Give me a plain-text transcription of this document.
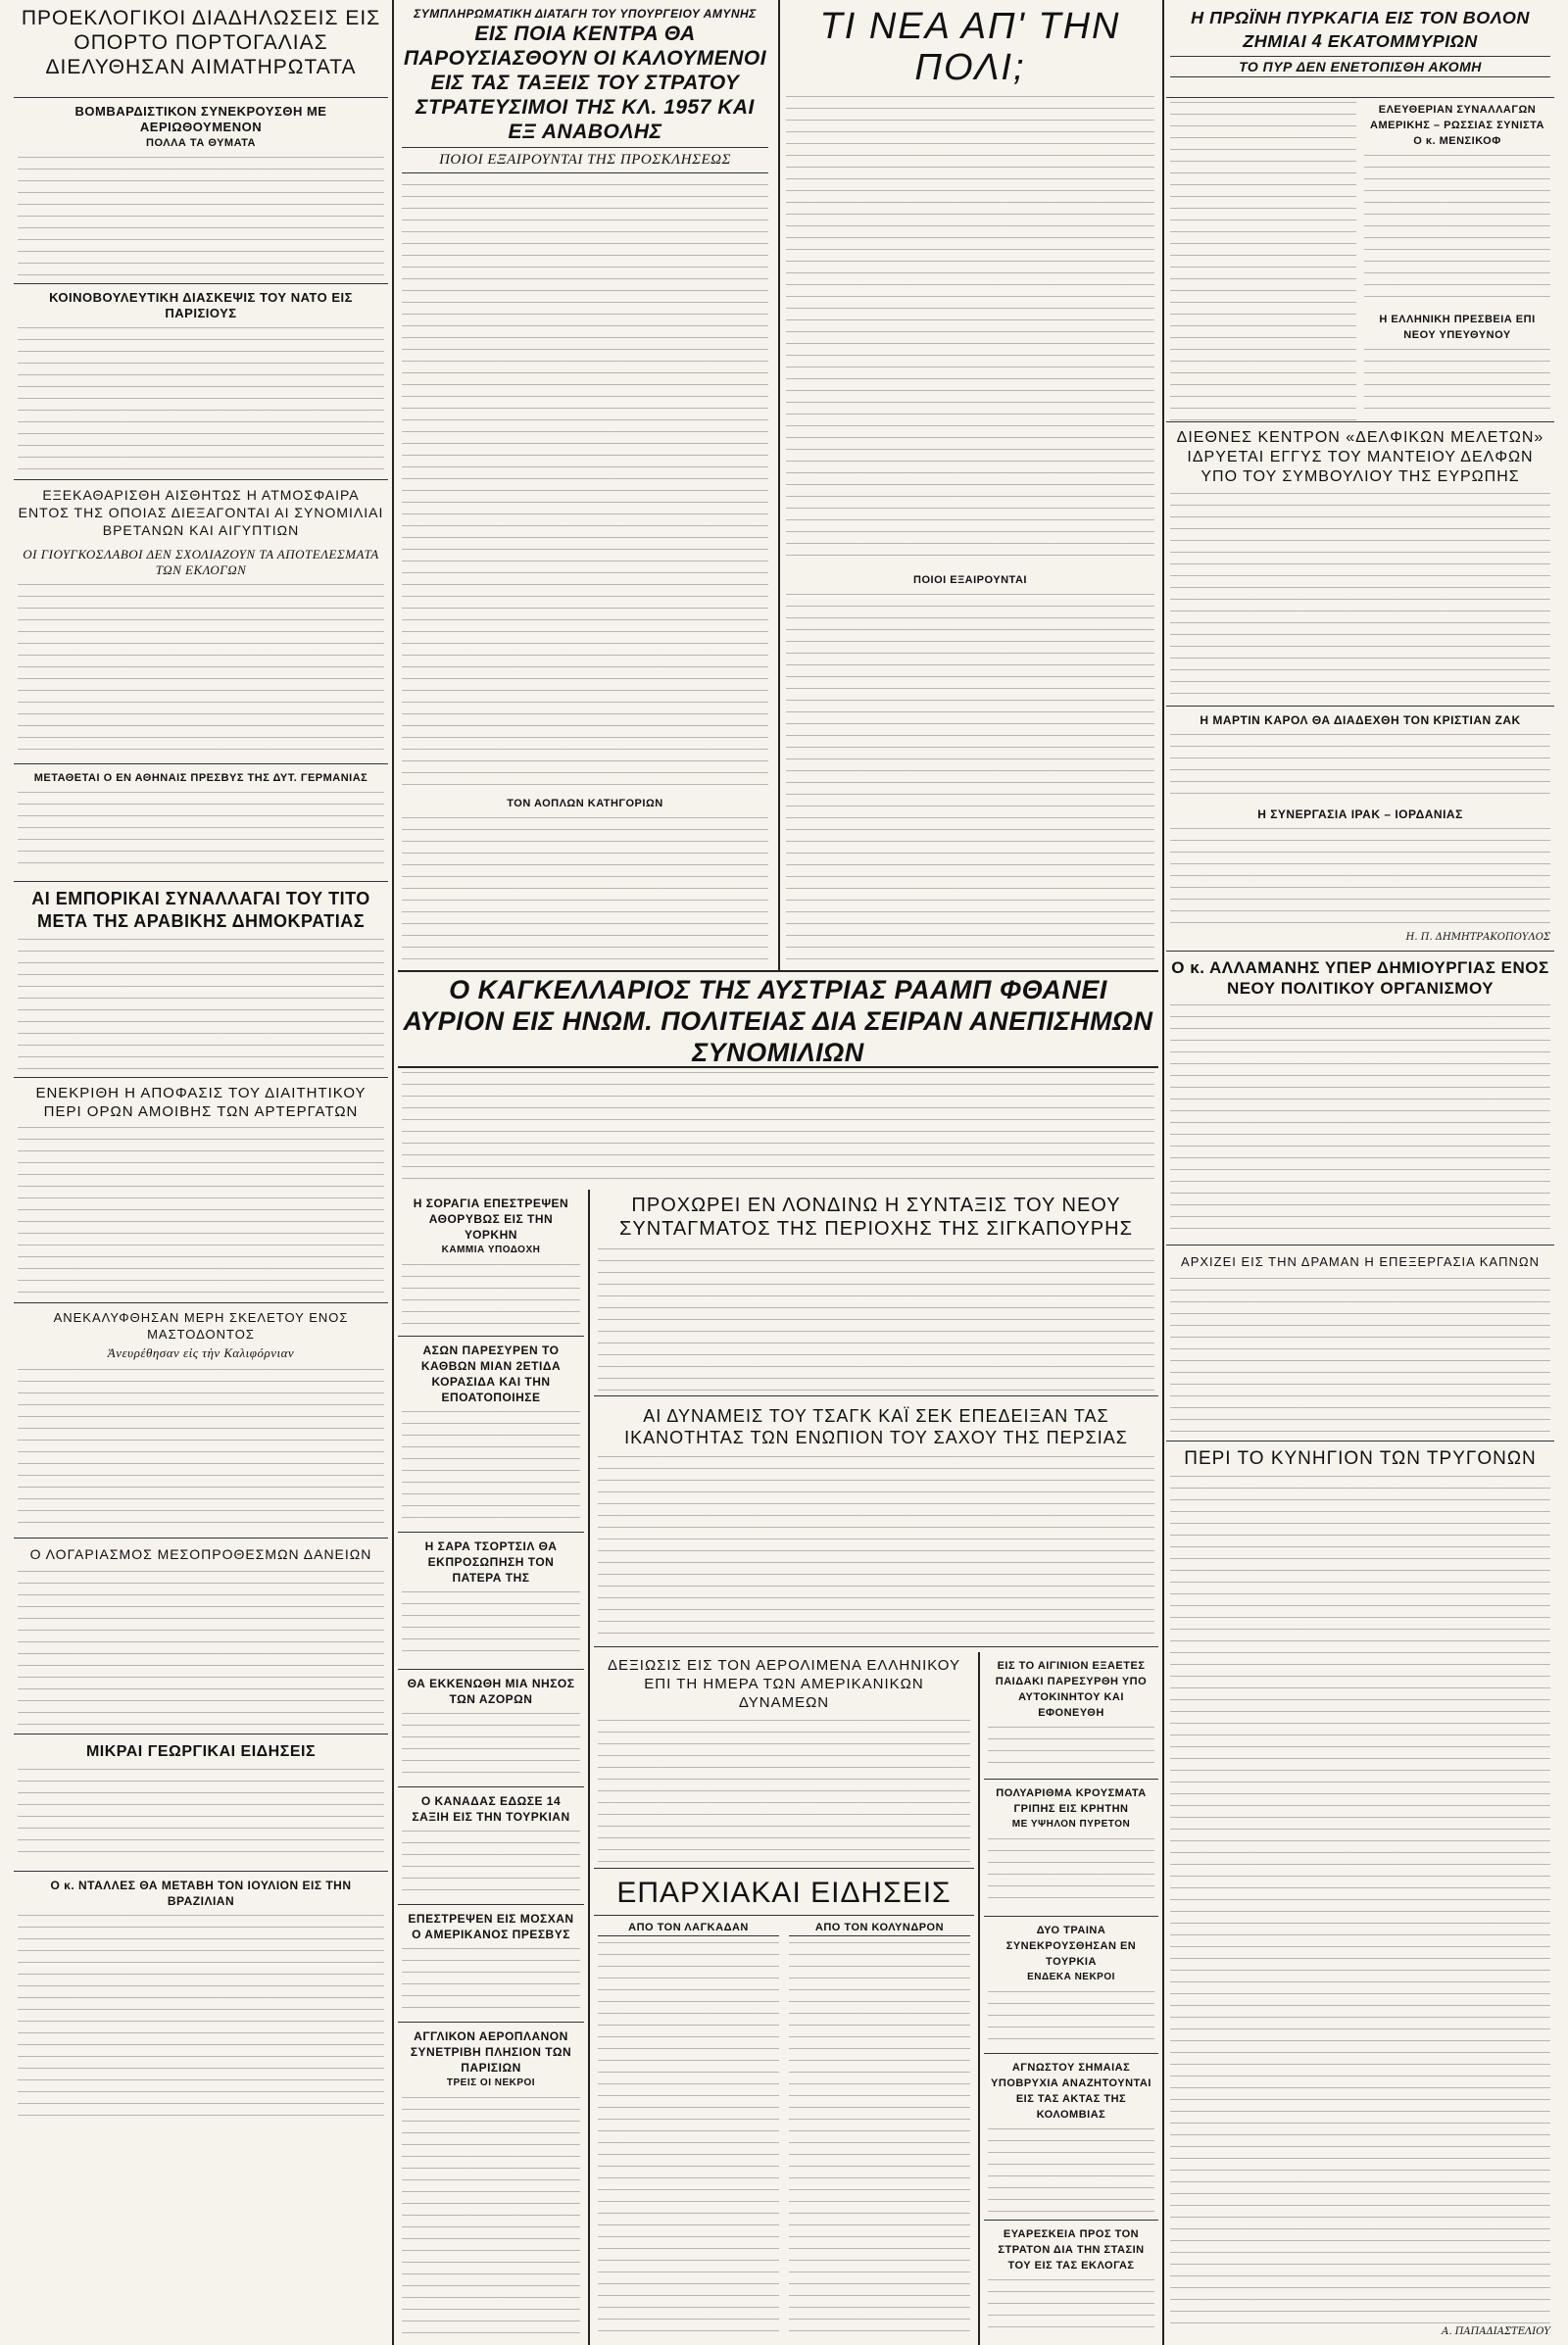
ΠΡΟΕΚΛΟΓΙΚΟΙ ΔΙΑΔΗΛΩΣΕΙΣ ΕΙΣ ΟΠΟΡΤΟ ΠΟΡΤΟΓΑΛΙΑΣ ΔΙΕΛΥΘΗΣΑΝ ΑΙΜΑΤΗΡΩΤΑΤΑ
ΒΟΜΒΑΡΔΙΣΤΙΚΟΝ ΣΥΝΕΚΡΟΥΣΘΗ ΜΕ ΑΕΡΙΩΘΟΥΜΕΝΟΝ
ΠΟΛΛΑ ΤΑ ΘΥΜΑΤΑ
ΚΟΙΝΟΒΟΥΛΕΥΤΙΚΗ ΔΙΑΣΚΕΨΙΣ ΤΟΥ ΝΑΤΟ ΕΙΣ ΠΑΡΙΣΙΟΥΣ
ΕΞΕΚΑΘΑΡΙΣΘΗ ΑΙΣΘΗΤΩΣ Η ΑΤΜΟΣΦΑΙΡΑ ΕΝΤΟΣ ΤΗΣ ΟΠΟΙΑΣ ΔΙΕΞΑΓΟΝΤΑΙ ΑΙ ΣΥΝΟΜΙΛΙΑΙ ΒΡΕΤΑΝΩΝ ΚΑΙ ΑΙΓΥΠΤΙΩΝ
ΟΙ ΓΙΟΥΓΚΟΣΛΑΒΟΙ ΔΕΝ ΣΧΟΛΙΑΖΟΥΝ ΤΑ ΑΠΟΤΕΛΕΣΜΑΤΑ ΤΩΝ ΕΚΛΟΓΩΝ
ΜΕΤΑΘΕΤΑΙ Ο ΕΝ ΑΘΗΝΑΙΣ ΠΡΕΣΒΥΣ ΤΗΣ ΔΥΤ. ΓΕΡΜΑΝΙΑΣ
ΑΙ ΕΜΠΟΡΙΚΑΙ ΣΥΝΑΛΛΑΓΑΙ ΤΟΥ ΤΙΤΟ ΜΕΤΑ ΤΗΣ ΑΡΑΒΙΚΗΣ ΔΗΜΟΚΡΑΤΙΑΣ
ΕΝΕΚΡΙΘΗ Η ΑΠΟΦΑΣΙΣ ΤΟΥ ΔΙΑΙΤΗΤΙΚΟΥ ΠΕΡΙ ΟΡΩΝ ΑΜΟΙΒΗΣ ΤΩΝ ΑΡΤΕΡΓΑΤΩΝ
ΑΝΕΚΑΛΥΦΘΗΣΑΝ ΜΕΡΗ ΣΚΕΛΕΤΟΥ ΕΝΟΣ ΜΑΣΤΟΔΟΝΤΟΣ
Ἀνευρέθησαν εἰς τὴν Καλιφόρνιαν
Ο ΛΟΓΑΡΙΑΣΜΟΣ ΜΕΣΟΠΡΟΘΕΣΜΩΝ ΔΑΝΕΙΩΝ
ΜΙΚΡΑΙ ΓΕΩΡΓΙΚΑΙ ΕΙΔΗΣΕΙΣ
Ο κ. ΝΤΑΛΛΕΣ ΘΑ ΜΕΤΑΒΗ ΤΟΝ ΙΟΥΛΙΟΝ ΕΙΣ ΤΗΝ ΒΡΑΖΙΛΙΑΝ
ΣΥΜΠΛΗΡΩΜΑΤΙΚΗ ΔΙΑΤΑΓΗ ΤΟΥ ΥΠΟΥΡΓΕΙΟΥ ΑΜΥΝΗΣ
ΕΙΣ ΠΟΙΑ ΚΕΝΤΡΑ ΘΑ ΠΑΡΟΥΣΙΑΣΘΟΥΝ ΟΙ ΚΑΛΟΥΜΕΝΟΙ ΕΙΣ ΤΑΣ ΤΑΞΕΙΣ ΤΟΥ ΣΤΡΑΤΟΥ ΣΤΡΑΤΕΥΣΙΜΟΙ ΤΗΣ ΚΛ. 1957 ΚΑΙ ΕΞ ΑΝΑΒΟΛΗΣ
ΠΟΙΟΙ ΕΞΑΙΡΟΥΝΤΑΙ ΤΗΣ ΠΡΟΣΚΛΗΣΕΩΣ
ΤΟΝ ΑΟΠΛΩΝ ΚΑΤΗΓΟΡΙΩΝ
ΤΙ ΝΕΑ ΑΠ' ΤΗΝ ΠΟΛΙ;
ΠΟΙΟΙ ΕΞΑΙΡΟΥΝΤΑΙ
Ο ΚΑΓΚΕΛΛΑΡΙΟΣ ΤΗΣ ΑΥΣΤΡΙΑΣ ΡΑΑΜΠ ΦΘΑΝΕΙ ΑΥΡΙΟΝ ΕΙΣ ΗΝΩΜ. ΠΟΛΙΤΕΙΑΣ ΔΙΑ ΣΕΙΡΑΝ ΑΝΕΠΙΣΗΜΩΝ ΣΥΝΟΜΙΛΙΩΝ
Η ΣΟΡΑΓΙΑ ΕΠΕΣΤΡΕΨΕΝ ΑΘΟΡΥΒΩΣ ΕΙΣ ΤΗΝ ΥΟΡΚΗΝ
ΚΑΜΜΙΑ ΥΠΟΔΟΧΗ
ΑΣΩΝ ΠΑΡΕΣΥΡΕΝ ΤΟ ΚΑΘΒΩΝ ΜΙΑΝ 2ΕΤΙΔΑ ΚΟΡΑΣΙΔΑ ΚΑΙ ΤΗΝ ΕΠΟΑΤΟΠΟΙΗΣΕ
Η ΣΑΡΑ ΤΣΟΡΤΣΙΛ ΘΑ ΕΚΠΡΟΣΩΠΗΣΗ ΤΟΝ ΠΑΤΕΡΑ ΤΗΣ
ΘΑ ΕΚΚΕΝΩΘΗ ΜΙΑ ΝΗΣΟΣ ΤΩΝ ΑΖΟΡΩΝ
Ο ΚΑΝΑΔΑΣ ΕΔΩΣΕ 14 ΣΑΞΙΗ ΕΙΣ ΤΗΝ ΤΟΥΡΚΙΑΝ
ΕΠΕΣΤΡΕΨΕΝ ΕΙΣ ΜΟΣΧΑΝ Ο ΑΜΕΡΙΚΑΝΟΣ ΠΡΕΣΒΥΣ
ΑΓΓΛΙΚΟΝ ΑΕΡΟΠΛΑΝΟΝ ΣΥΝΕΤΡΙΒΗ ΠΛΗΣΙΟΝ ΤΩΝ ΠΑΡΙΣΙΩΝ
ΤΡΕΙΣ ΟΙ ΝΕΚΡΟΙ
ΠΡΟΧΩΡΕΙ ΕΝ ΛΟΝΔΙΝΩ Η ΣΥΝΤΑΞΙΣ ΤΟΥ ΝΕΟΥ ΣΥΝΤΑΓΜΑΤΟΣ ΤΗΣ ΠΕΡΙΟΧΗΣ ΤΗΣ ΣΙΓΚΑΠΟΥΡΗΣ
ΑΙ ΔΥΝΑΜΕΙΣ ΤΟΥ ΤΣΑΓΚ ΚΑΪ ΣΕΚ ΕΠΕΔΕΙΞΑΝ ΤΑΣ ΙΚΑΝΟΤΗΤΑΣ ΤΩΝ ΕΝΩΠΙΟΝ ΤΟΥ ΣΑΧΟΥ ΤΗΣ ΠΕΡΣΙΑΣ
ΔΕΞΙΩΣΙΣ ΕΙΣ ΤΟΝ ΑΕΡΟΛΙΜΕΝΑ ΕΛΛΗΝΙΚΟΥ ΕΠΙ ΤΗ ΗΜΕΡΑ ΤΩΝ ΑΜΕΡΙΚΑΝΙΚΩΝ ΔΥΝΑΜΕΩΝ
ΕΠΑΡΧΙΑΚΑΙ ΕΙΔΗΣΕΙΣ
ΑΠΟ ΤΟΝ ΛΑΓΚΑΔΑΝ	ΑΠΟ ΤΟΝ ΚΟΛΥΝΔΡΟΝ
ΕΙΣ ΤΟ ΑΙΓΙΝΙΟΝ ΕΞΑΕΤΕΣ ΠΑΙΔΑΚΙ ΠΑΡΕΣΥΡΘΗ ΥΠΟ ΑΥΤΟΚΙΝΗΤΟΥ ΚΑΙ ΕΦΟΝΕΥΘΗ
ΠΟΛΥΑΡΙΘΜΑ ΚΡΟΥΣΜΑΤΑ ΓΡΙΠΗΣ ΕΙΣ ΚΡΗΤΗΝ
ΜΕ ΥΨΗΛΟΝ ΠΥΡΕΤΟΝ
ΔΥΟ ΤΡΑΙΝΑ ΣΥΝΕΚΡΟΥΣΘΗΣΑΝ ΕΝ ΤΟΥΡΚΙΑ
ΕΝΔΕΚΑ ΝΕΚΡΟΙ
ΑΓΝΩΣΤΟΥ ΣΗΜΑΙΑΣ ΥΠΟΒΡΥΧΙΑ ΑΝΑΖΗΤΟΥΝΤΑΙ ΕΙΣ ΤΑΣ ΑΚΤΑΣ ΤΗΣ ΚΟΛΟΜΒΙΑΣ
ΕΥΑΡΕΣΚΕΙΑ ΠΡΟΣ ΤΟΝ ΣΤΡΑΤΟΝ ΔΙΑ ΤΗΝ ΣΤΑΣΙΝ ΤΟΥ ΕΙΣ ΤΑΣ ΕΚΛΟΓΑΣ
Η ΠΡΩΪΝΗ ΠΥΡΚΑΓΙΑ ΕΙΣ ΤΟΝ ΒΟΛΟΝ ΖΗΜΙΑΙ 4 ΕΚΑΤΟΜΜΥΡΙΩΝ
ΤΟ ΠΥΡ ΔΕΝ ΕΝΕΤΟΠΙΣΘΗ ΑΚΟΜΗ
ΕΛΕΥΘΕΡΙΑΝ ΣΥΝΑΛΛΑΓΩΝ ΑΜΕΡΙΚΗΣ – ΡΩΣΣΙΑΣ ΣΥΝΙΣΤΑ Ο κ. ΜΕΝΣΙΚΟΦ
Η ΕΛΛΗΝΙΚΗ ΠΡΕΣΒΕΙΑ ΕΠΙ ΝΕΟΥ ΥΠΕΥΘΥΝΟΥ
ΔΙΕΘΝΕΣ ΚΕΝΤΡΟΝ «ΔΕΛΦΙΚΩΝ ΜΕΛΕΤΩΝ» ΙΔΡΥΕΤΑΙ ΕΓΓΥΣ ΤΟΥ ΜΑΝΤΕΙΟΥ ΔΕΛΦΩΝ ΥΠΟ ΤΟΥ ΣΥΜΒΟΥΛΙΟΥ ΤΗΣ ΕΥΡΩΠΗΣ
Η ΜΑΡΤΙΝ ΚΑΡΟΛ ΘΑ ΔΙΑΔΕΧΘΗ ΤΟΝ ΚΡΙΣΤΙΑΝ ΖΑΚ
Η ΣΥΝΕΡΓΑΣΙΑ ΙΡΑΚ – ΙΟΡΔΑΝΙΑΣ
Η. Π. ΔΗΜΗΤΡΑΚΟΠΟΥΛΟΣ
Ο κ. ΑΛΛΑΜΑΝΗΣ ΥΠΕΡ ΔΗΜΙΟΥΡΓΙΑΣ ΕΝΟΣ ΝΕΟΥ ΠΟΛΙΤΙΚΟΥ ΟΡΓΑΝΙΣΜΟΥ
ΑΡΧΙΖΕΙ ΕΙΣ ΤΗΝ ΔΡΑΜΑΝ Η ΕΠΕΞΕΡΓΑΣΙΑ ΚΑΠΝΩΝ
ΠΕΡΙ ΤΟ ΚΥΝΗΓΙΟΝ ΤΩΝ ΤΡΥΓΟΝΩΝ
Α. ΠΑΠΑΔΙΑΣΤΕΛΙΟΥ
